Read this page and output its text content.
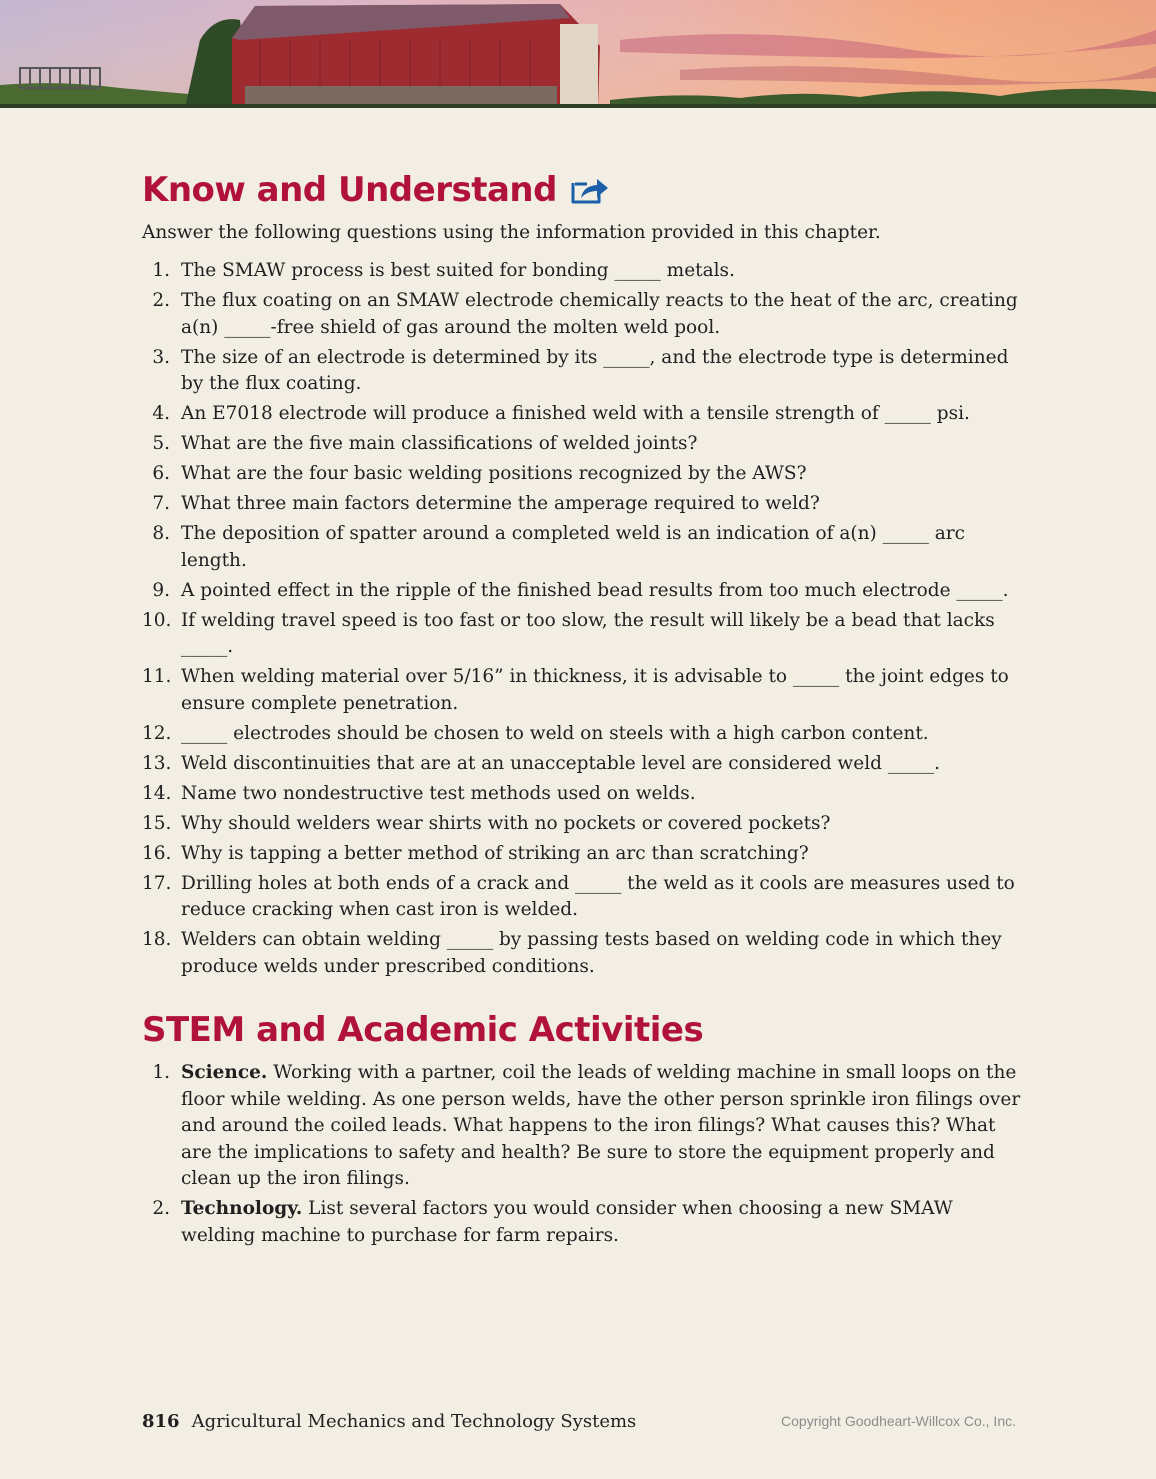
Know and Understand

Answer the following questions using the information provided in this chapter.

1. The SMAW process is best suited for bonding _____ metals.
2. The flux coating on an SMAW electrode chemically reacts to the heat of the arc, creating a(n) _____-free shield of gas around the molten weld pool.
3. The size of an electrode is determined by its _____, and the electrode type is determined by the flux coating.
4. An E7018 electrode will produce a finished weld with a tensile strength of _____ psi.
5. What are the five main classifications of welded joints?
6. What are the four basic welding positions recognized by the AWS?
7. What three main factors determine the amperage required to weld?
8. The deposition of spatter around a completed weld is an indication of a(n) _____ arc length.
9. A pointed effect in the ripple of the finished bead results from too much electrode _____.
10. If welding travel speed is too fast or too slow, the result will likely be a bead that lacks _____.
11. When welding material over 5/16” in thickness, it is advisable to _____ the joint edges to ensure complete penetration.
12. _____ electrodes should be chosen to weld on steels with a high carbon content.
13. Weld discontinuities that are at an unacceptable level are considered weld _____.
14. Name two nondestructive test methods used on welds.
15. Why should welders wear shirts with no pockets or covered pockets?
16. Why is tapping a better method of striking an arc than scratching?
17. Drilling holes at both ends of a crack and _____ the weld as it cools are measures used to reduce cracking when cast iron is welded.
18. Welders can obtain welding _____ by passing tests based on welding code in which they produce welds under prescribed conditions.
STEM and Academic Activities
1. Science. Working with a partner, coil the leads of welding machine in small loops on the floor while welding. As one person welds, have the other person sprinkle iron filings over and around the coiled leads. What happens to the iron filings? What causes this? What are the implications to safety and health? Be sure to store the equipment properly and clean up the iron filings.
2. Technology. List several factors you would consider when choosing a new SMAW welding machine to purchase for farm repairs.
816 Agricultural Mechanics and Technology Systems	Copyright Goodheart-Willcox Co., Inc.
